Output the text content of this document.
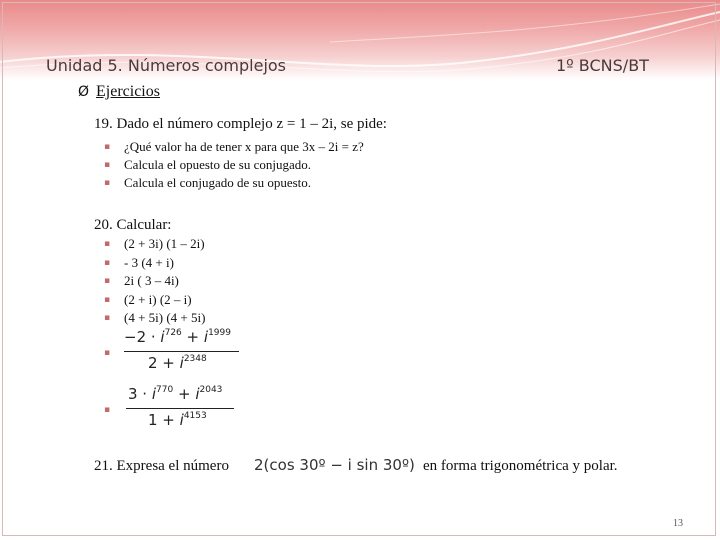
Unidad 5. Números complejos	1º BCNS/BT
Ø Ejercicios
19. Dado el número complejo z = 1 – 2i, se pide:
▪ ¿Qué valor ha de tener x para que 3x – 2i = z?
▪ Calcula el opuesto de su conjugado.
▪ Calcula el conjugado de su opuesto.
20. Calcular:
▪ (2 + 3i) (1 – 2i)
▪ - 3 (4 + i)
▪ 2i ( 3 – 4i)
▪ (2 + i) (2 – i)
▪ (4 + 5i) (4 + 5i)
▪
$-2 \cdot i^{726} + i^{1999}$
$2 + i^{2348}$
▪
$3 \cdot i^{770} + i^{2043}$
$1 + i^{4153}$
21. Expresa el número 2(cos 30º − i sin 30º) en forma trigonométrica y polar.
13
